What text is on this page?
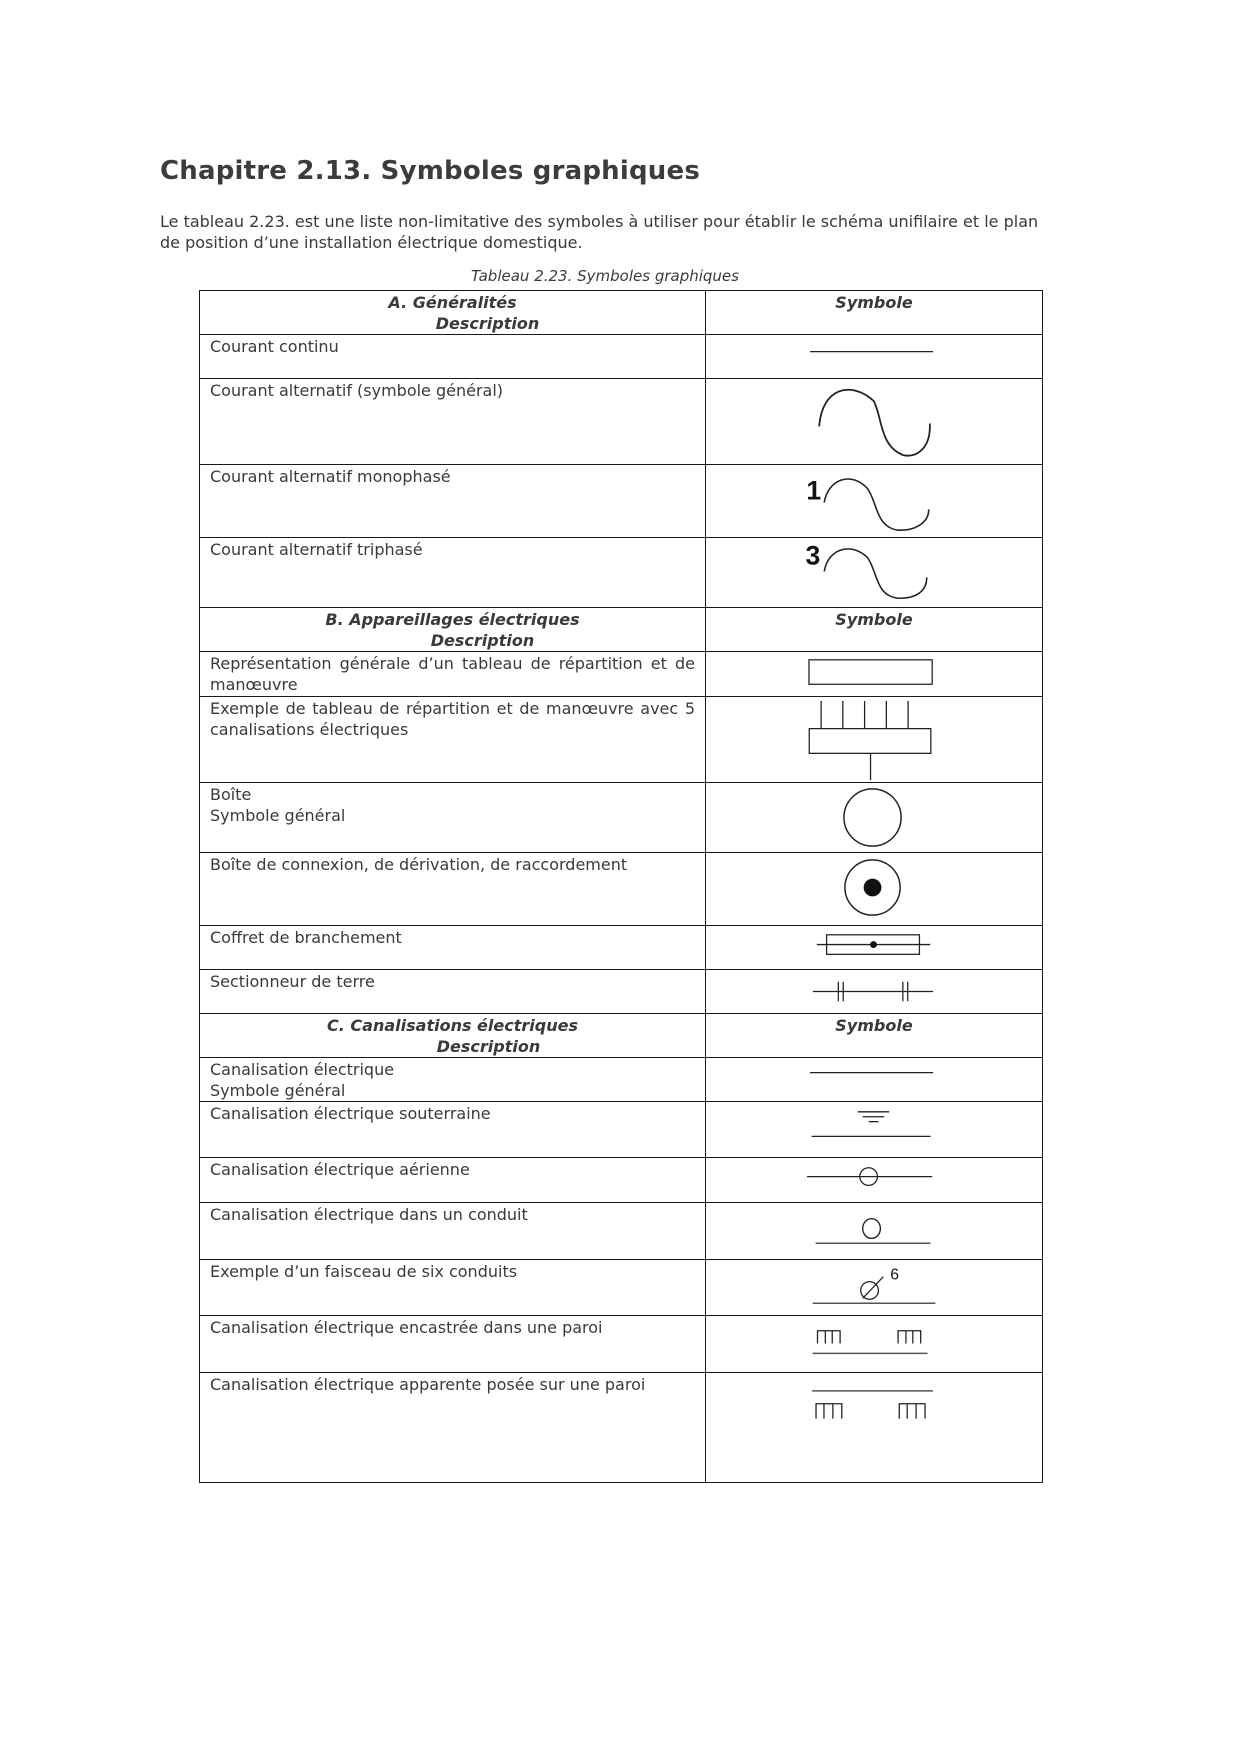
Chapitre 2.13. Symboles graphiques

Le tableau 2.23. est une liste non-limitative des symboles à utiliser pour établir le schéma unifilaire et le plan de position d’une installation électrique domestique.

Tableau 2.23. Symboles graphiques
A. Généralités
Description	Symbole

Courant continu	

Courant alternatif (symbole général)	

Courant alternatif monophasé	1

Courant alternatif triphasé	3

B. Appareillages électriques
Description	Symbole

Représentation générale d’un tableau de répartition et de manœuvre	

Exemple de tableau de répartition et de manœuvre avec 5 canalisations électriques	

Boîte
Symbole général

Boîte de connexion, de dérivation, de raccordement	

Coffret de branchement	

Sectionneur de terre	

C. Canalisations électriques
Description	Symbole

Canalisation électrique
Symbole général

Canalisation électrique souterraine	

Canalisation électrique aérienne	

Canalisation électrique dans un conduit	

Exemple d’un faisceau de six conduits	6

Canalisation électrique encastrée dans une paroi	

Canalisation électrique apparente posée sur une paroi	
